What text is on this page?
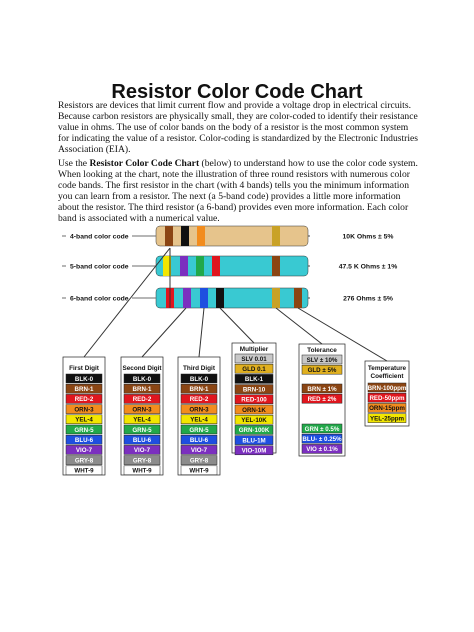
Resistor Color Code Chart

Resistors are devices that limit current flow and provide a voltage drop in electrical circuits. Because carbon resistors are physically small, they are color-coded to identify their resistance value in ohms. The use of color bands on the body of a resistor is the most common system for indicating the value of a resistor. Color-coding is standardized by the Electronic Industries Association (EIA).

Use the Resistor Color Code Chart (below) to understand how to use the color code system. When looking at the chart, note the illustration of three round resistors with numerous color code bands. The first resistor in the chart (with 4 bands) tells you the minimum information you can learn from a resistor. The next (a 5-band code) provides a little more information about the resistor. The third resistor (a 6-band) provides even more information. Each color band is associated with a numerical value.

4-band color code	10K Ohms ± 5%
5-band color code	47.5 K Ohms ± 1%
6-band color code	276 Ohms ± 5%
First Digit
BLK-0
BRN-1
RED-2
ORN-3
YEL-4
GRN-5
BLU-6
VIO-7
GRY-8
WHT-9
Second Digit
BLK-0
BRN-1
RED-2
ORN-3
YEL-4
GRN-5
BLU-6
VIO-7
GRY-8
WHT-9
Third Digit
BLK-0
BRN-1
RED-2
ORN-3
YEL-4
GRN-5
BLU-6
VIO-7
GRY-8
WHT-9
Multiplier
SLV 0.01
GLD 0.1
BLK-1
BRN-10
RED-100
ORN-1K
YEL-10K
GRN-100K
BLU-1M
VIO-10M
Tolerance
SLV ± 10%
GLD ± 5%
BRN ± 1%
RED ± 2%
GRN ± 0.5%
BLU- ± 0.25%
VIO ± 0.1%
Temperature
Coefficient
BRN-100ppm
RED-50ppm
ORN-15ppm
YEL-25ppm
